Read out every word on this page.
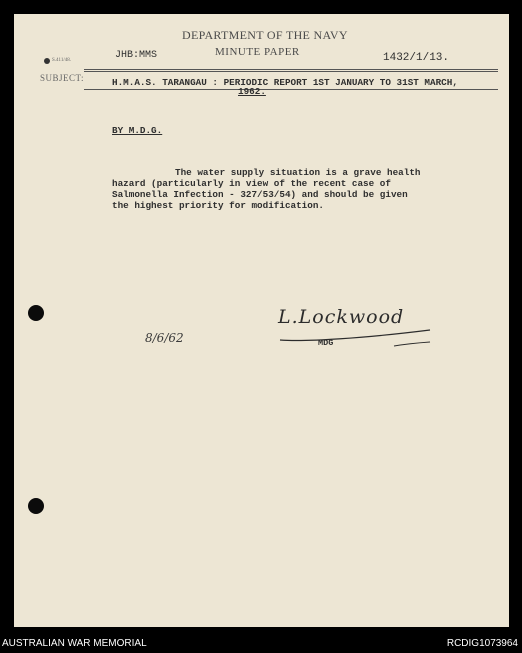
DEPARTMENT OF THE NAVY
MINUTE PAPER
JHB:MMS	1432/1/13.
S.411/48.
SUBJECT:	H.M.A.S. TARANGAU : PERIODIC REPORT 1ST JANUARY TO 31ST MARCH,
1962.
BY M.D.G.
The water supply situation is a grave health
hazard (particularly in view of the recent case of
Salmonella Infection - 327/53/54) and should be given
the highest priority for modification.
8/6/62
L.Lockwood
MDG
AUSTRALIAN WAR MEMORIAL	RCDIG1073964
